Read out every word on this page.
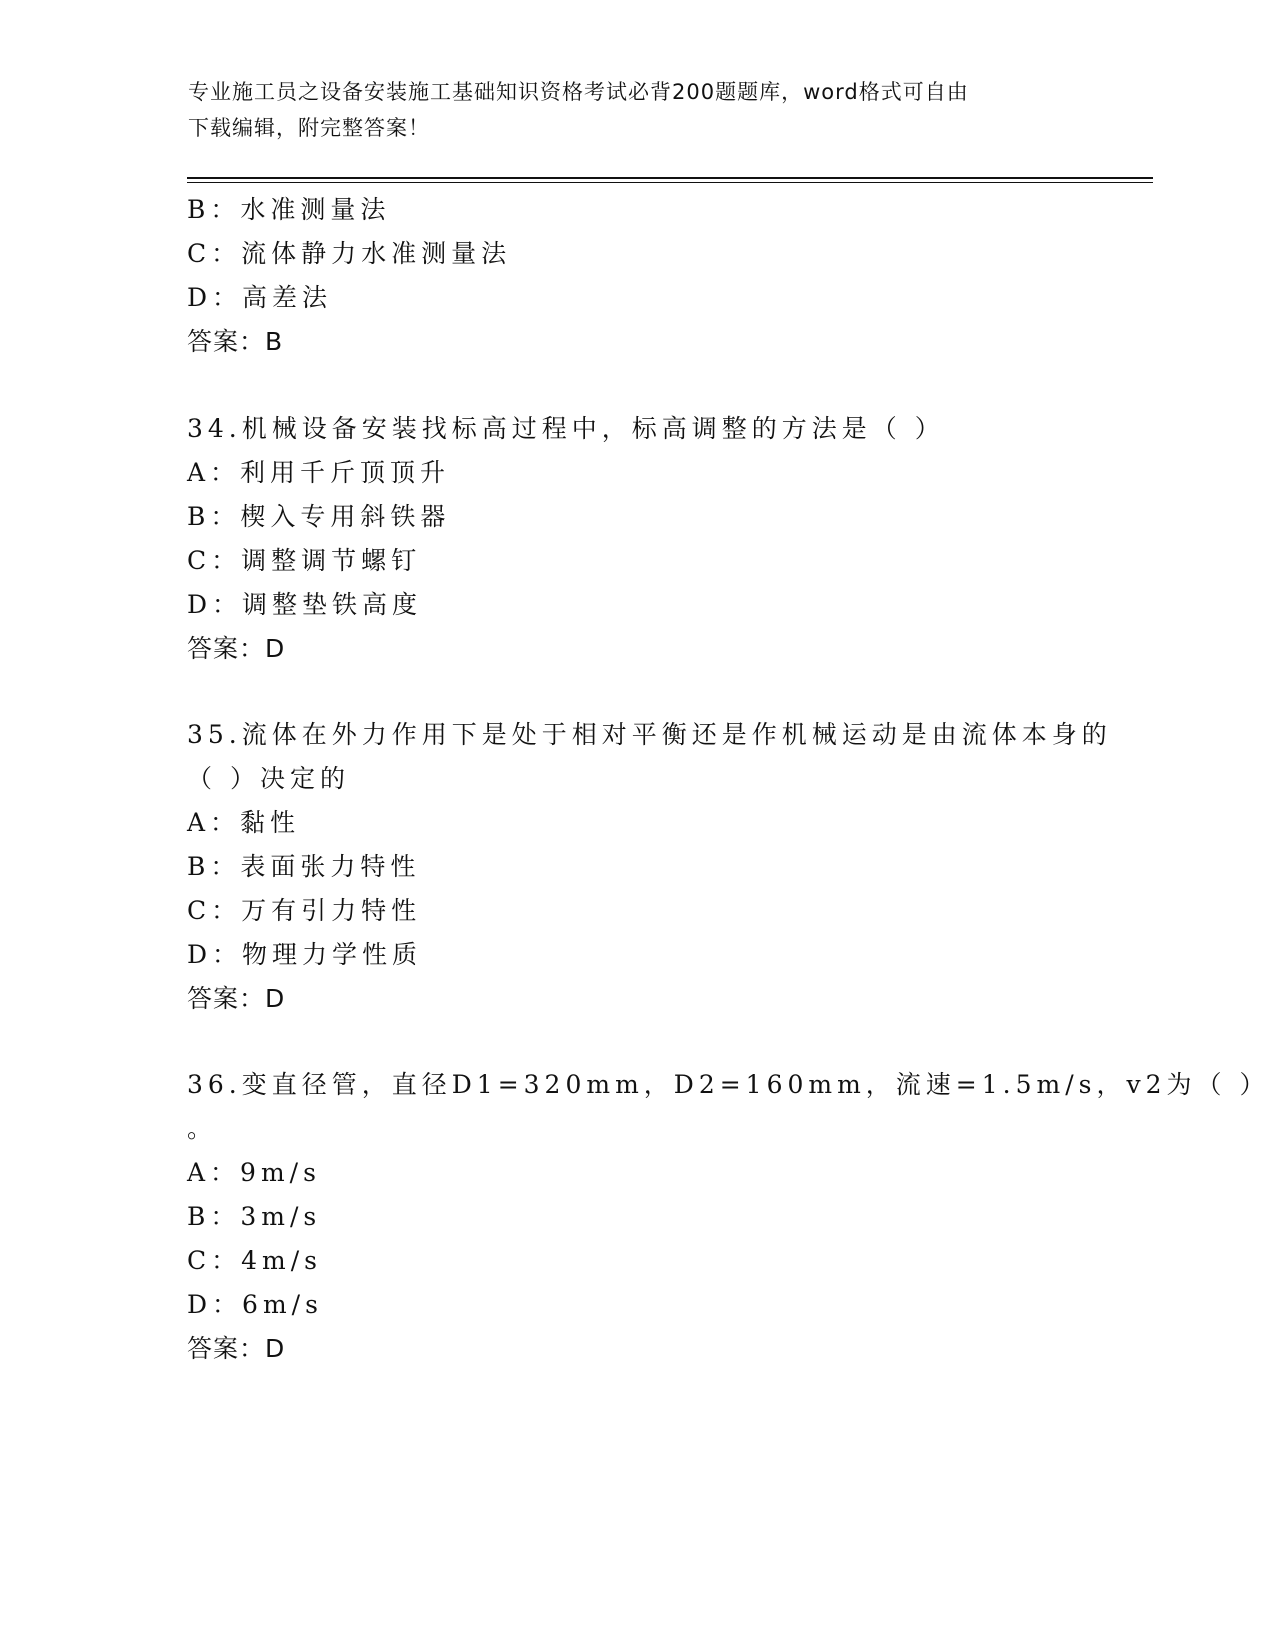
专业施工员之设备安装施工基础知识资格考试必背200题题库，word格式可自由
下载编辑，附完整答案！
B：水准测量法
C：流体静力水准测量法
D：高差法
答案：B
34.机械设备安装找标高过程中，标高调整的方法是（ ）
A：利用千斤顶顶升
B：楔入专用斜铁器
C：调整调节螺钉
D：调整垫铁高度
答案：D
35.流体在外力作用下是处于相对平衡还是作机械运动是由流体本身的
（ ）决定的
A：黏性
B：表面张力特性
C：万有引力特性
D：物理力学性质
答案：D
36.变直径管，直径D1=320mm，D2=160mm，流速=1.5m/s，v2为（ ）
。
A：9m/s
B：3m/s
C：4m/s
D：6m/s
答案：D
